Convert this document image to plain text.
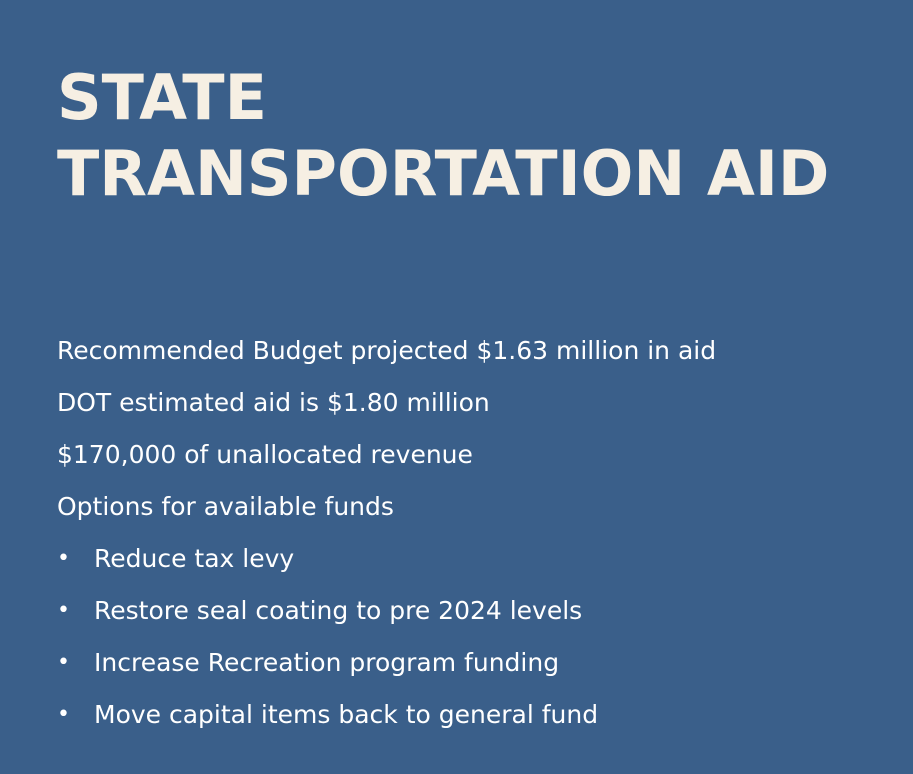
STATE
TRANSPORTATION AID
Recommended Budget projected $1.63 million in aid
DOT estimated aid is $1.80 million
$170,000 of unallocated revenue
Options for available funds
• Reduce tax levy
• Restore seal coating to pre 2024 levels
• Increase Recreation program funding
• Move capital items back to general fund
